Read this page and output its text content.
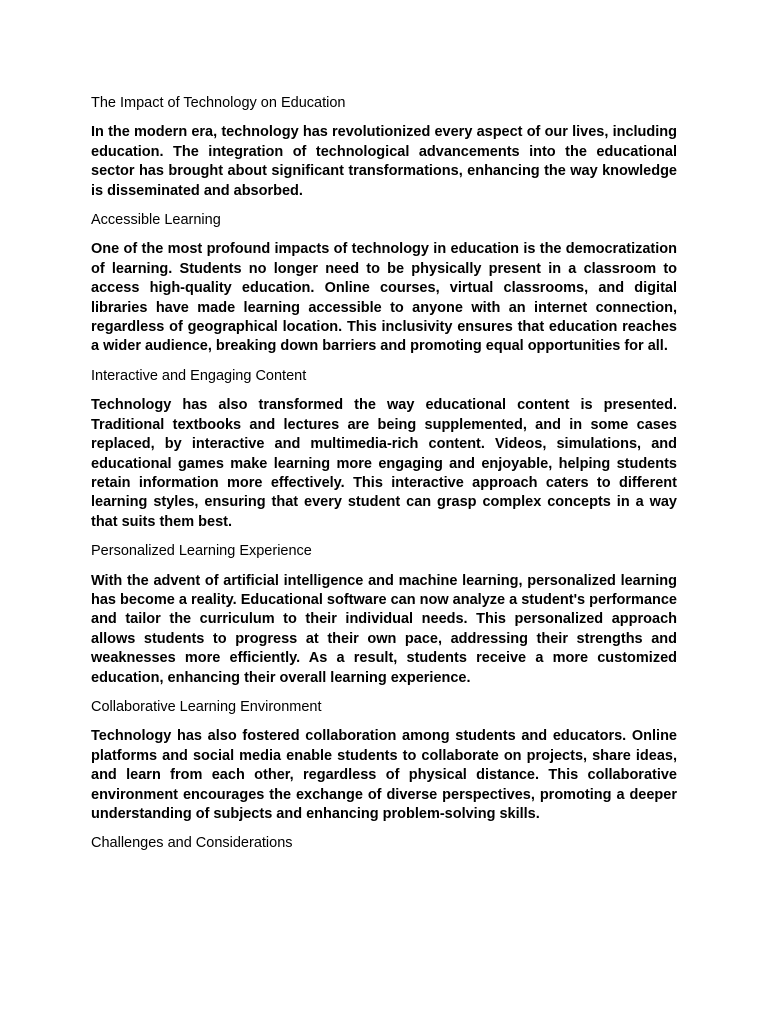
The Impact of Technology on Education
In the modern era, technology has revolutionized every aspect of our lives, including education. The integration of technological advancements into the educational sector has brought about significant transformations, enhancing the way knowledge is disseminated and absorbed.
Accessible Learning
One of the most profound impacts of technology in education is the democratization of learning. Students no longer need to be physically present in a classroom to access high-quality education. Online courses, virtual classrooms, and digital libraries have made learning accessible to anyone with an internet connection, regardless of geographical location. This inclusivity ensures that education reaches a wider audience, breaking down barriers and promoting equal opportunities for all.
Interactive and Engaging Content
Technology has also transformed the way educational content is presented. Traditional textbooks and lectures are being supplemented, and in some cases replaced, by interactive and multimedia-rich content. Videos, simulations, and educational games make learning more engaging and enjoyable, helping students retain information more effectively. This interactive approach caters to different learning styles, ensuring that every student can grasp complex concepts in a way that suits them best.
Personalized Learning Experience
With the advent of artificial intelligence and machine learning, personalized learning has become a reality. Educational software can now analyze a student's performance and tailor the curriculum to their individual needs. This personalized approach allows students to progress at their own pace, addressing their strengths and weaknesses more efficiently. As a result, students receive a more customized education, enhancing their overall learning experience.
Collaborative Learning Environment
Technology has also fostered collaboration among students and educators. Online platforms and social media enable students to collaborate on projects, share ideas, and learn from each other, regardless of physical distance. This collaborative environment encourages the exchange of diverse perspectives, promoting a deeper understanding of subjects and enhancing problem-solving skills.
Challenges and Considerations
